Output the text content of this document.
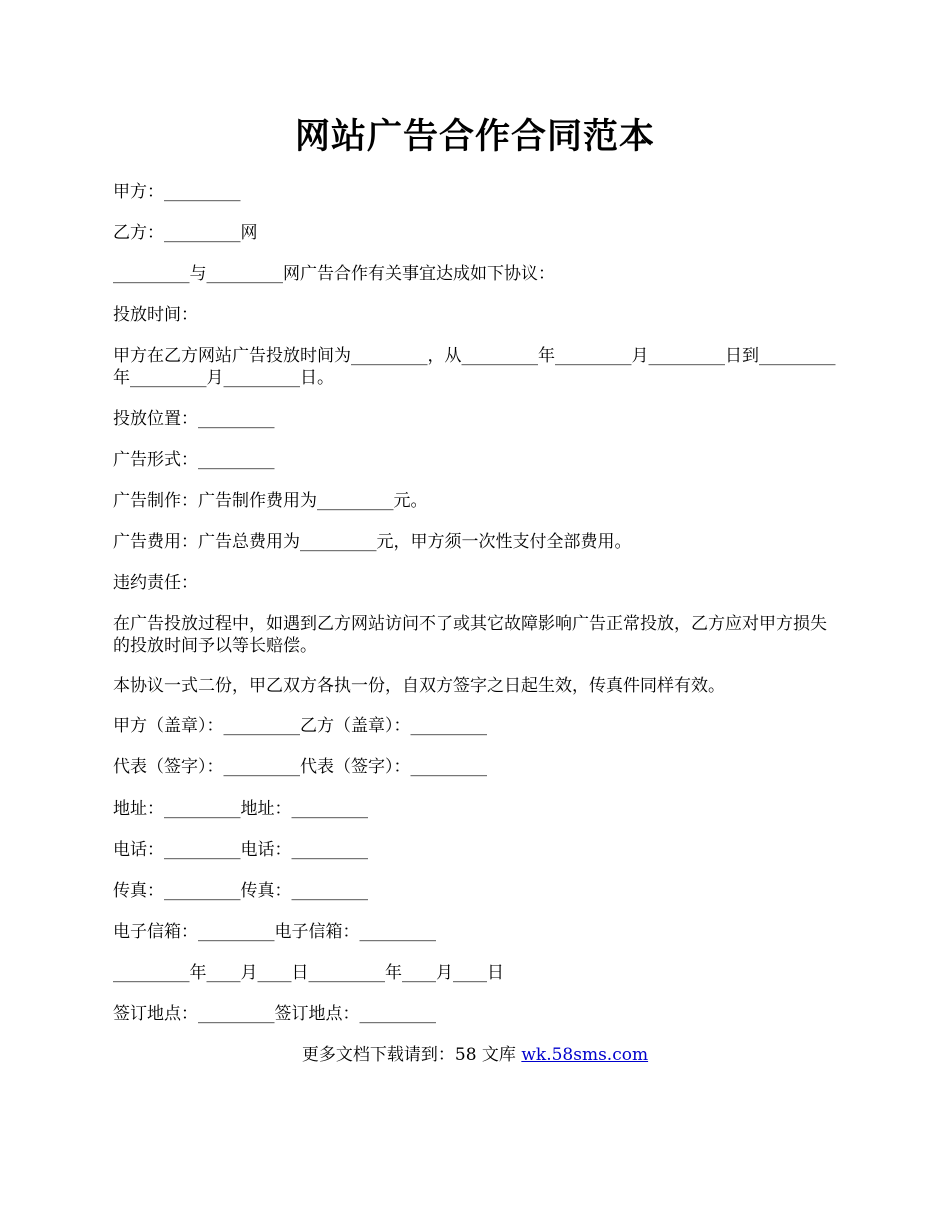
网站广告合作合同范本
甲方：_________
乙方：_________网
_________与_________网广告合作有关事宜达成如下协议：
投放时间：
甲方在乙方网站广告投放时间为_________，从_________年_________月_________日到_________年_________月_________日。
投放位置：_________
广告形式：_________
广告制作：广告制作费用为_________元。
广告费用：广告总费用为_________元，甲方须一次性支付全部费用。
违约责任：
在广告投放过程中，如遇到乙方网站访问不了或其它故障影响广告正常投放，乙方应对甲方损失的投放时间予以等长赔偿。
本协议一式二份，甲乙双方各执一份，自双方签字之日起生效，传真件同样有效。
甲方（盖章）：_________乙方（盖章）：_________
代表（签字）：_________代表（签字）：_________
地址：_________地址：_________
电话：_________电话：_________
传真：_________传真：_________
电子信箱：_________电子信箱：_________
_________年____月____日_________年____月____日
签订地点：_________签订地点：_________
更多文档下载请到：58 文库 wk.58sms.com
